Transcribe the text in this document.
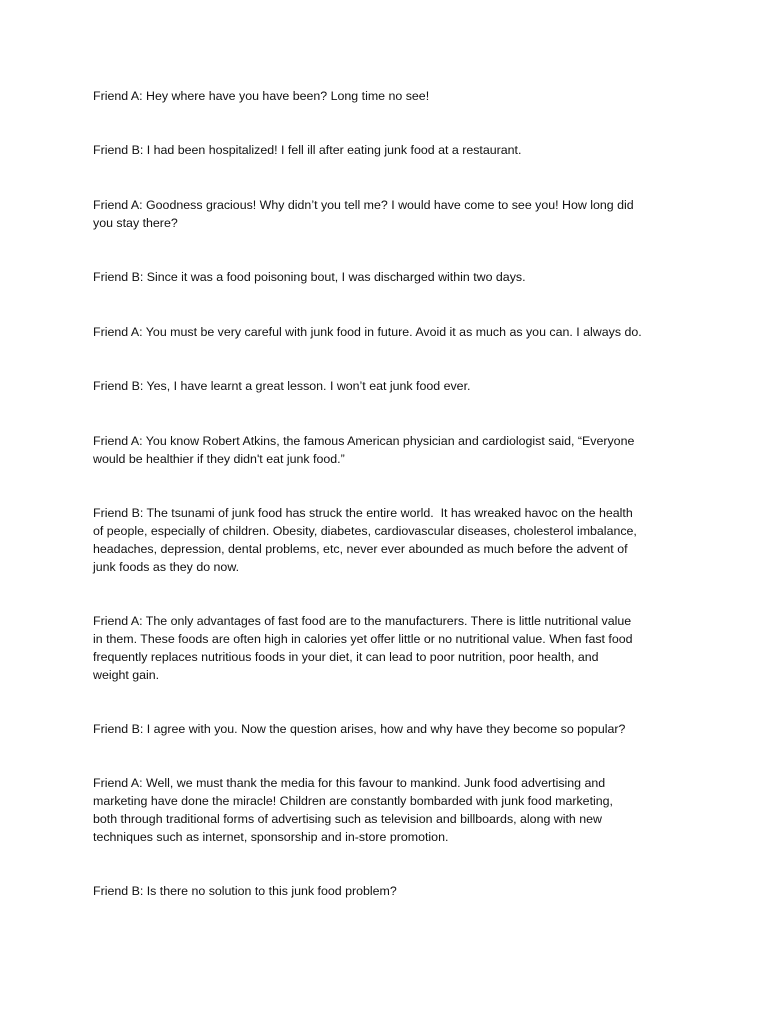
Friend A: Hey where have you have been? Long time no see!

Friend B: I had been hospitalized! I fell ill after eating junk food at a restaurant.

Friend A: Goodness gracious! Why didn’t you tell me? I would have come to see you! How long did
you stay there?

Friend B: Since it was a food poisoning bout, I was discharged within two days.

Friend A: You must be very careful with junk food in future. Avoid it as much as you can. I always do.

Friend B: Yes, I have learnt a great lesson. I won’t eat junk food ever.

Friend A: You know Robert Atkins, the famous American physician and cardiologist said, “Everyone
would be healthier if they didn't eat junk food.”

Friend B: The tsunami of junk food has struck the entire world.  It has wreaked havoc on the health
of people, especially of children. Obesity, diabetes, cardiovascular diseases, cholesterol imbalance,
headaches, depression, dental problems, etc, never ever abounded as much before the advent of
junk foods as they do now.

Friend A: The only advantages of fast food are to the manufacturers. There is little nutritional value
in them. These foods are often high in calories yet offer little or no nutritional value. When fast food
frequently replaces nutritious foods in your diet, it can lead to poor nutrition, poor health, and
weight gain.

Friend B: I agree with you. Now the question arises, how and why have they become so popular?

Friend A: Well, we must thank the media for this favour to mankind. Junk food advertising and
marketing have done the miracle! Children are constantly bombarded with junk food marketing,
both through traditional forms of advertising such as television and billboards, along with new
techniques such as internet, sponsorship and in-store promotion.

Friend B: Is there no solution to this junk food problem?
